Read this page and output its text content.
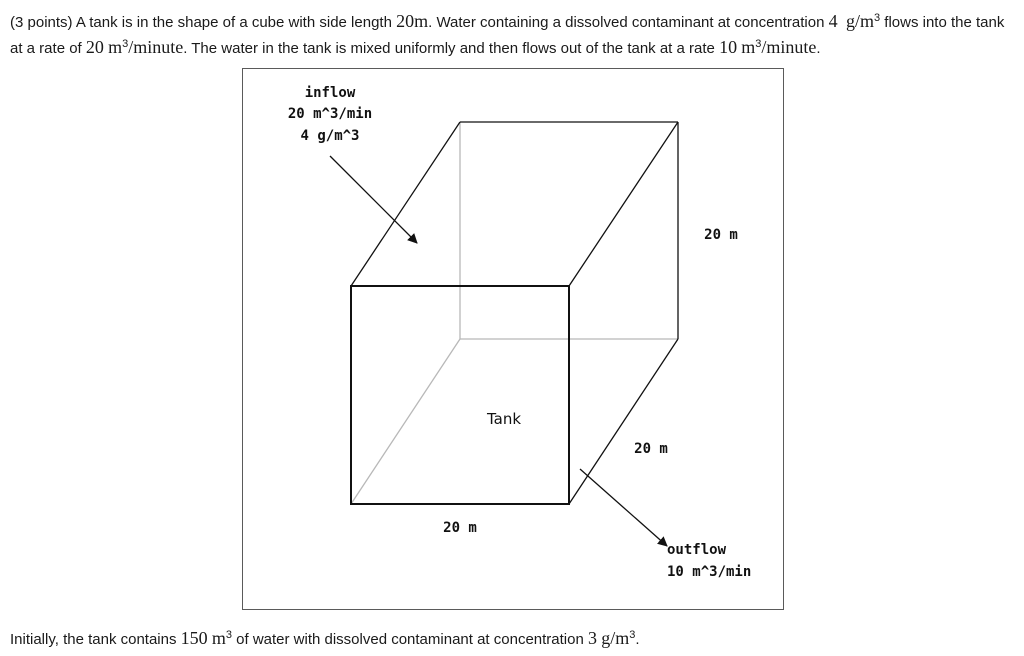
(3 points) A tank is in the shape of a cube with side length 20m. Water containing a dissolved contaminant at concentration 4 $g/m^3$ flows into the tank at a rate of 20 $m^3$/minute. The water in the tank is mixed uniformly and then flows out of the tank at a rate 10 $m^3$/minute.
inflow
20 m^3/min
4 g/m^3
Tank
20 m
20 m
20 m
outflow
10 m^3/min
Initially, the tank contains 150 $m^3$ of water with dissolved contaminant at concentration 3 $g/m^3$.
